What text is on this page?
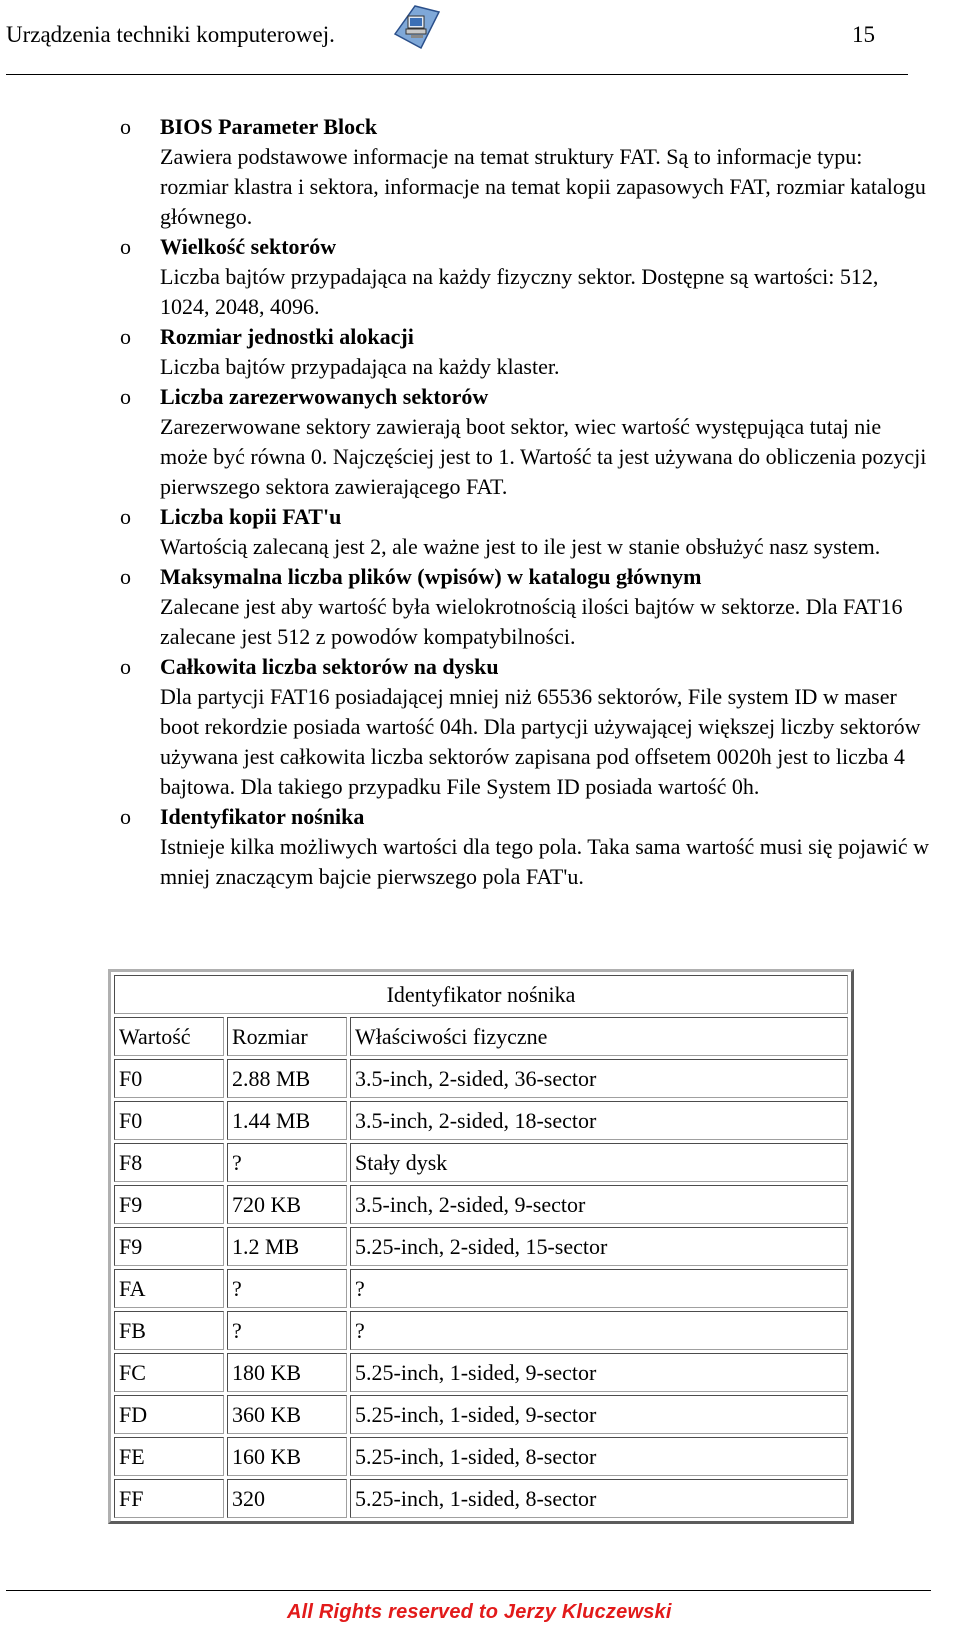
Urządzenia techniki komputerowej.	15
o BIOS Parameter Block
Zawiera podstawowe informacje na temat struktury FAT. Są to informacje typu: rozmiar klastra i sektora, informacje na temat kopii zapasowych FAT, rozmiar katalogu głównego.
o Wielkość sektorów
Liczba bajtów przypadająca na każdy fizyczny sektor. Dostępne są wartości: 512, 1024, 2048, 4096.
o Rozmiar jednostki alokacji
Liczba bajtów przypadająca na każdy klaster.
o Liczba zarezerwowanych sektorów
Zarezerwowane sektory zawierają boot sektor, wiec wartość występująca tutaj nie może być równa 0. Najczęściej jest to 1. Wartość ta jest używana do obliczenia pozycji pierwszego sektora zawierającego FAT.
o Liczba kopii FAT'u
Wartością zalecaną jest 2, ale ważne jest to ile jest w stanie obsłużyć nasz system.
o Maksymalna liczba plików (wpisów) w katalogu głównym
Zalecane jest aby wartość była wielokrotnością ilości bajtów w sektorze. Dla FAT16 zalecane jest 512 z powodów kompatybilności.
o Całkowita liczba sektorów na dysku
Dla partycji FAT16 posiadającej mniej niż 65536 sektorów, File system ID w maser boot rekordzie posiada wartość 04h. Dla partycji używającej większej liczby sektorów używana jest całkowita liczba sektorów zapisana pod offsetem 0020h jest to liczba 4 bajtowa. Dla takiego przypadku File System ID posiada wartość 0h.
o Identyfikator nośnika
Istnieje kilka możliwych wartości dla tego pola. Taka sama wartość musi się pojawić w mniej znaczącym bajcie pierwszego pola FAT'u.
Identyfikator nośnika		
Wartość	Rozmiar	Właściwości fizyczne
F0	2.88 MB	3.5-inch, 2-sided, 36-sector
F0	1.44 MB	3.5-inch, 2-sided, 18-sector
F8	?	Stały dysk
F9	720 KB	3.5-inch, 2-sided, 9-sector
F9	1.2 MB	5.25-inch, 2-sided, 15-sector
FA	?	?
FB	?	?
FC	180 KB	5.25-inch, 1-sided, 9-sector
FD	360 KB	5.25-inch, 1-sided, 9-sector
FE	160 KB	5.25-inch, 1-sided, 8-sector
FF	320	5.25-inch, 1-sided, 8-sector
All Rights reserved to Jerzy Kluczewski
